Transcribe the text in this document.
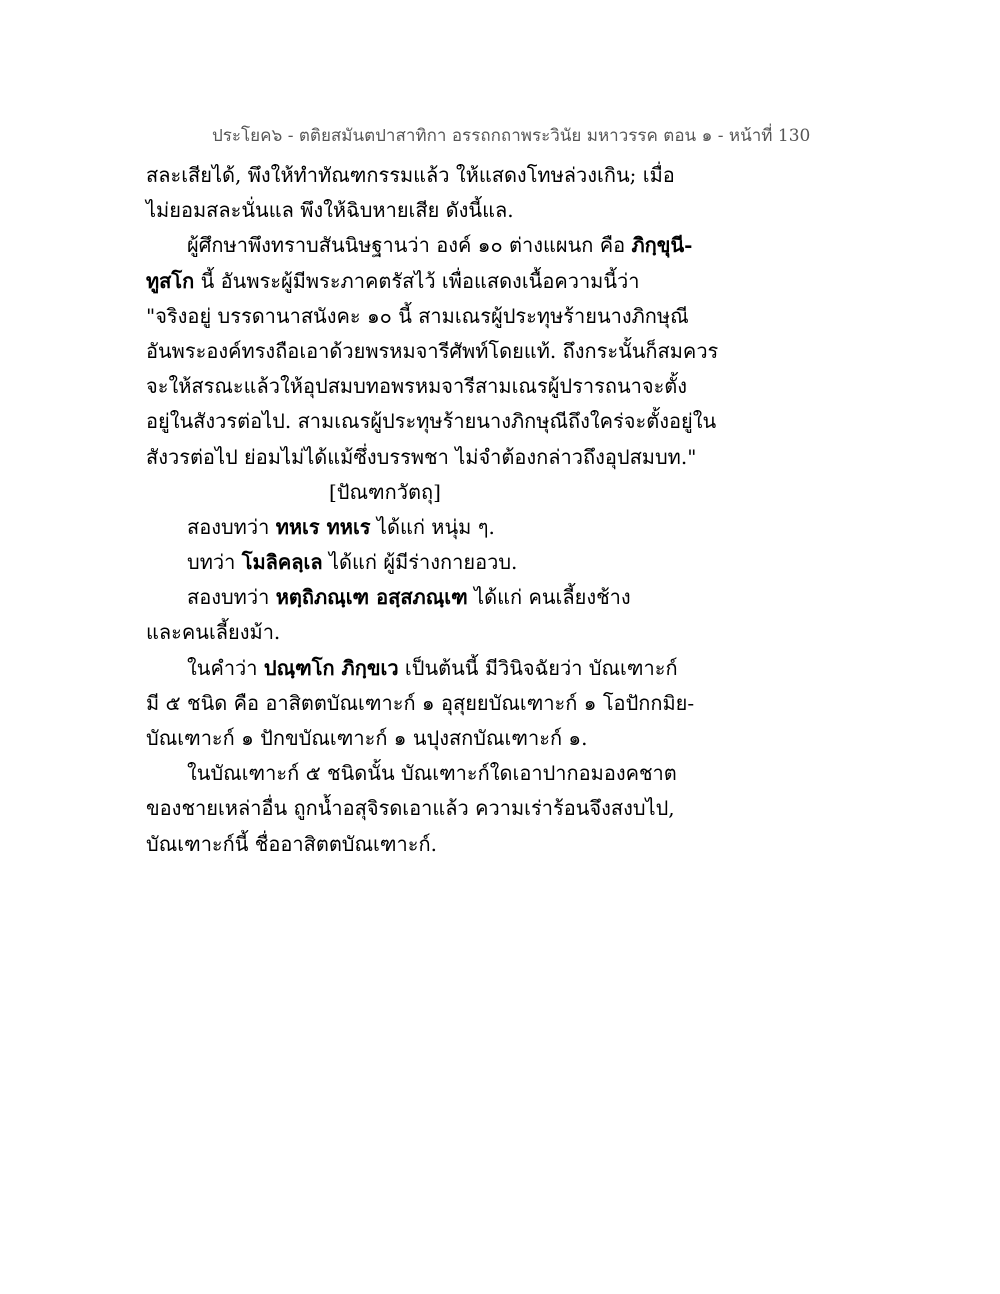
ประโยค๖ - ตติยสมันตปาสาทิกา อรรถกถาพระวินัย มหาวรรค ตอน ๑ - หน้าที่ 130
สละเสียได้, พึงให้ทำทัณฑกรรมแล้ว ให้แสดงโทษล่วงเกิน; เมื่อ
ไม่ยอมสละนั่นแล พึงให้ฉิบหายเสีย ดังนี้แล.
ผู้ศึกษาพึงทราบสันนิษฐานว่า องค์ ๑๐ ต่างแผนก คือ ภิกฺขุนี-
ทูสโก นี้ อันพระผู้มีพระภาคตรัสไว้ เพื่อแสดงเนื้อความนี้ว่า
"จริงอยู่ บรรดานาสนังคะ ๑๐ นี้ สามเณรผู้ประทุษร้ายนางภิกษุณี
อันพระองค์ทรงถือเอาด้วยพรหมจารีศัพท์โดยแท้. ถึงกระนั้นก็สมควร
จะให้สรณะแล้วให้อุปสมบทอพรหมจารีสามเณรผู้ปรารถนาจะตั้ง
อยู่ในสังวรต่อไป. สามเณรผู้ประทุษร้ายนางภิกษุณีถึงใคร่จะตั้งอยู่ใน
สังวรต่อไป ย่อมไม่ได้แม้ซึ่งบรรพชา ไม่จำต้องกล่าวถึงอุปสมบท."
[ปัณฑกวัตถุ]
สองบทว่า ทหเร ทหเร ได้แก่ หนุ่ม ๆ.
บทว่า โมลิคลฺเล ได้แก่ ผู้มีร่างกายอวบ.
สองบทว่า หตฺถิภณฺเฑ อสฺสภณฺเฑ ได้แก่ คนเลี้ยงช้าง
และคนเลี้ยงม้า.
ในคำว่า ปณฺฑโก ภิกฺขเว เป็นต้นนี้ มีวินิจฉัยว่า บัณเฑาะก์
มี ๕ ชนิด คือ อาสิตตบัณเฑาะก์ ๑ อุสุยยบัณเฑาะก์ ๑ โอปักกมิย-
บัณเฑาะก์ ๑ ปักขบัณเฑาะก์ ๑ นปุงสกบัณเฑาะก์ ๑.
ในบัณเฑาะก์ ๕ ชนิดนั้น บัณเฑาะก์ใดเอาปากอมองคชาต
ของชายเหล่าอื่น ถูกน้ำอสุจิรดเอาแล้ว ความเร่าร้อนจึงสงบไป,
บัณเฑาะก์นี้ ชื่ออาสิตตบัณเฑาะก์.
